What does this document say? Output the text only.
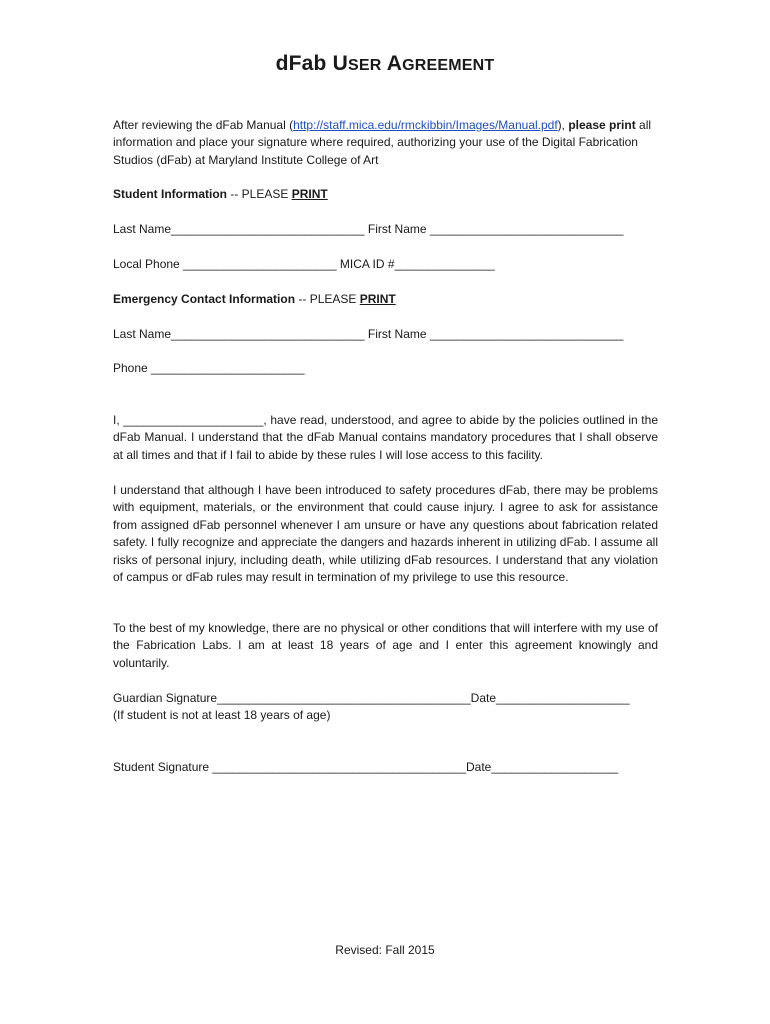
dFab USER AGREEMENT
After reviewing the dFab Manual (http://staff.mica.edu/rmckibbin/Images/Manual.pdf), please print all information and place your signature where required, authorizing your use of the Digital Fabrication Studios (dFab) at Maryland Institute College of Art
Student Information -- PLEASE PRINT
Last Name_____________________________ First Name _____________________________
Local Phone _______________________ MICA ID #_______________
Emergency Contact Information -- PLEASE PRINT
Last Name_____________________________ First Name _____________________________
Phone _______________________
I, _____________________, have read, understood, and agree to abide by the policies outlined in the dFab Manual. I understand that the dFab Manual contains mandatory procedures that I shall observe at all times and that if I fail to abide by these rules I will lose access to this facility.
I understand that although I have been introduced to safety procedures dFab, there may be problems with equipment, materials, or the environment that could cause injury. I agree to ask for assistance from assigned dFab personnel whenever I am unsure or have any questions about fabrication related safety. I fully recognize and appreciate the dangers and hazards inherent in utilizing dFab. I assume all risks of personal injury, including death, while utilizing dFab resources. I understand that any violation of campus or dFab rules may result in termination of my privilege to use this resource.
To the best of my knowledge, there are no physical or other conditions that will interfere with my use of the Fabrication Labs. I am at least 18 years of age and I enter this agreement knowingly and voluntarily.
Guardian Signature______________________________________Date____________________
(If student is not at least 18 years of age)
Student Signature ______________________________________Date___________________
Revised: Fall 2015
